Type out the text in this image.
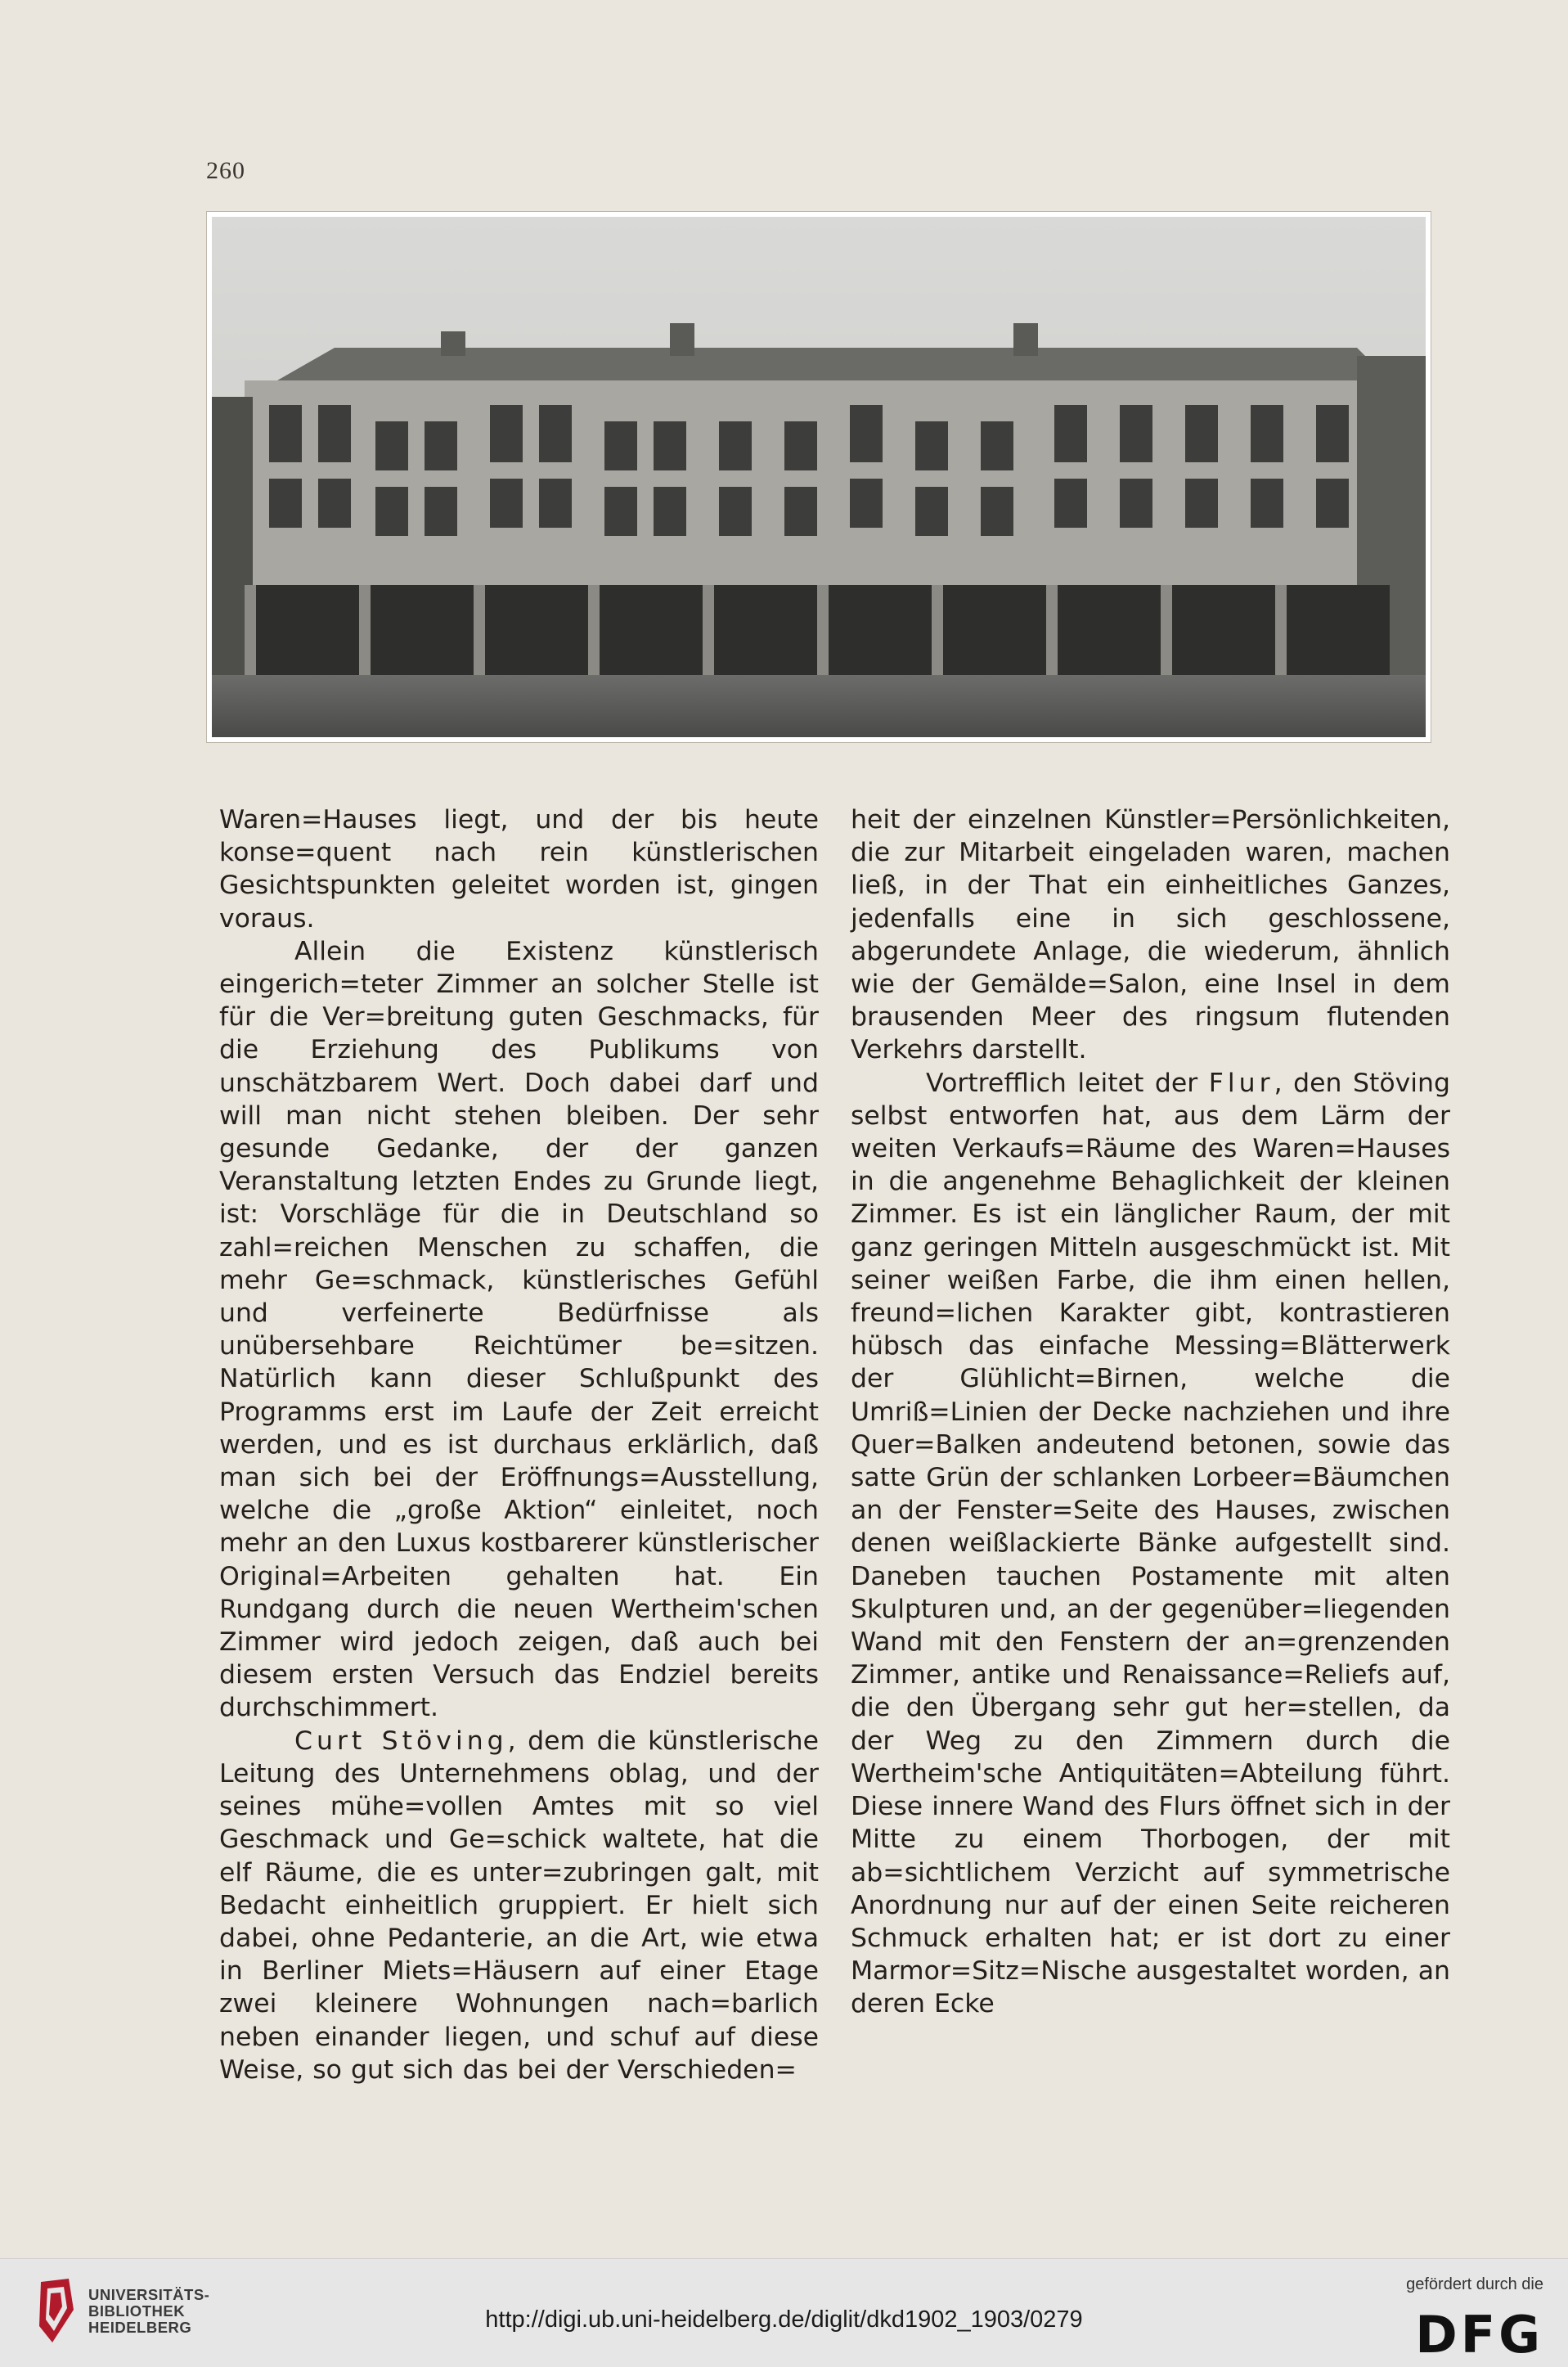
260

Waren=Hauses liegt, und der bis heute konse=quent nach rein künstlerischen Gesichtspunkten geleitet worden ist, gingen voraus.

Allein die Existenz künstlerisch eingerich=teter Zimmer an solcher Stelle ist für die Ver=breitung guten Geschmacks, für die Erziehung des Publikums von unschätzbarem Wert. Doch dabei darf und will man nicht stehen bleiben. Der sehr gesunde Gedanke, der der ganzen Veranstaltung letzten Endes zu Grunde liegt, ist: Vorschläge für die in Deutschland so zahl=reichen Menschen zu schaffen, die mehr Ge=schmack, künstlerisches Gefühl und verfeinerte Bedürfnisse als unübersehbare Reichtümer be=sitzen. Natürlich kann dieser Schlußpunkt des Programms erst im Laufe der Zeit erreicht werden, und es ist durchaus erklärlich, daß man sich bei der Eröffnungs=Ausstellung, welche die „große Aktion“ einleitet, noch mehr an den Luxus kostbarerer künstlerischer Original=Arbeiten gehalten hat. Ein Rundgang durch die neuen Wertheim'schen Zimmer wird jedoch zeigen, daß auch bei diesem ersten Versuch das Endziel bereits durchschimmert.

Curt Stöving, dem die künstlerische Leitung des Unternehmens oblag, und der seines mühe=vollen Amtes mit so viel Geschmack und Ge=schick waltete, hat die elf Räume, die es unter=zubringen galt, mit Bedacht einheitlich gruppiert. Er hielt sich dabei, ohne Pedanterie, an die Art, wie etwa in Berliner Miets=Häusern auf einer Etage zwei kleinere Wohnungen nach=barlich neben einander liegen, und schuf auf diese Weise, so gut sich das bei der Verschieden=

heit der einzelnen Künstler=Persönlichkeiten, die zur Mitarbeit eingeladen waren, machen ließ, in der That ein einheitliches Ganzes, jedenfalls eine in sich geschlossene, abgerundete Anlage, die wiederum, ähnlich wie der Gemälde=Salon, eine Insel in dem brausenden Meer des ringsum flutenden Verkehrs darstellt.

Vortrefflich leitet der Flur, den Stöving selbst entworfen hat, aus dem Lärm der weiten Verkaufs=Räume des Waren=Hauses in die angenehme Behaglichkeit der kleinen Zimmer. Es ist ein länglicher Raum, der mit ganz geringen Mitteln ausgeschmückt ist. Mit seiner weißen Farbe, die ihm einen hellen, freund=lichen Karakter gibt, kontrastieren hübsch das einfache Messing=Blätterwerk der Glühlicht=Birnen, welche die Umriß=Linien der Decke nachziehen und ihre Quer=Balken andeutend betonen, sowie das satte Grün der schlanken Lorbeer=Bäumchen an der Fenster=Seite des Hauses, zwischen denen weißlackierte Bänke aufgestellt sind. Daneben tauchen Postamente mit alten Skulpturen und, an der gegenüber=liegenden Wand mit den Fenstern der an=grenzenden Zimmer, antike und Renaissance=Reliefs auf, die den Übergang sehr gut her=stellen, da der Weg zu den Zimmern durch die Wertheim'sche Antiquitäten=Abteilung führt. Diese innere Wand des Flurs öffnet sich in der Mitte zu einem Thorbogen, der mit ab=sichtlichem Verzicht auf symmetrische Anordnung nur auf der einen Seite reicheren Schmuck erhalten hat; er ist dort zu einer Marmor=Sitz=Nische ausgestaltet worden, an deren Ecke

UNIVERSITÄTS-
BIBLIOTHEK
HEIDELBERG	http://digi.ub.uni-heidelberg.de/diglit/dkd1902_1903/0279
gefördert durch die
DFG
